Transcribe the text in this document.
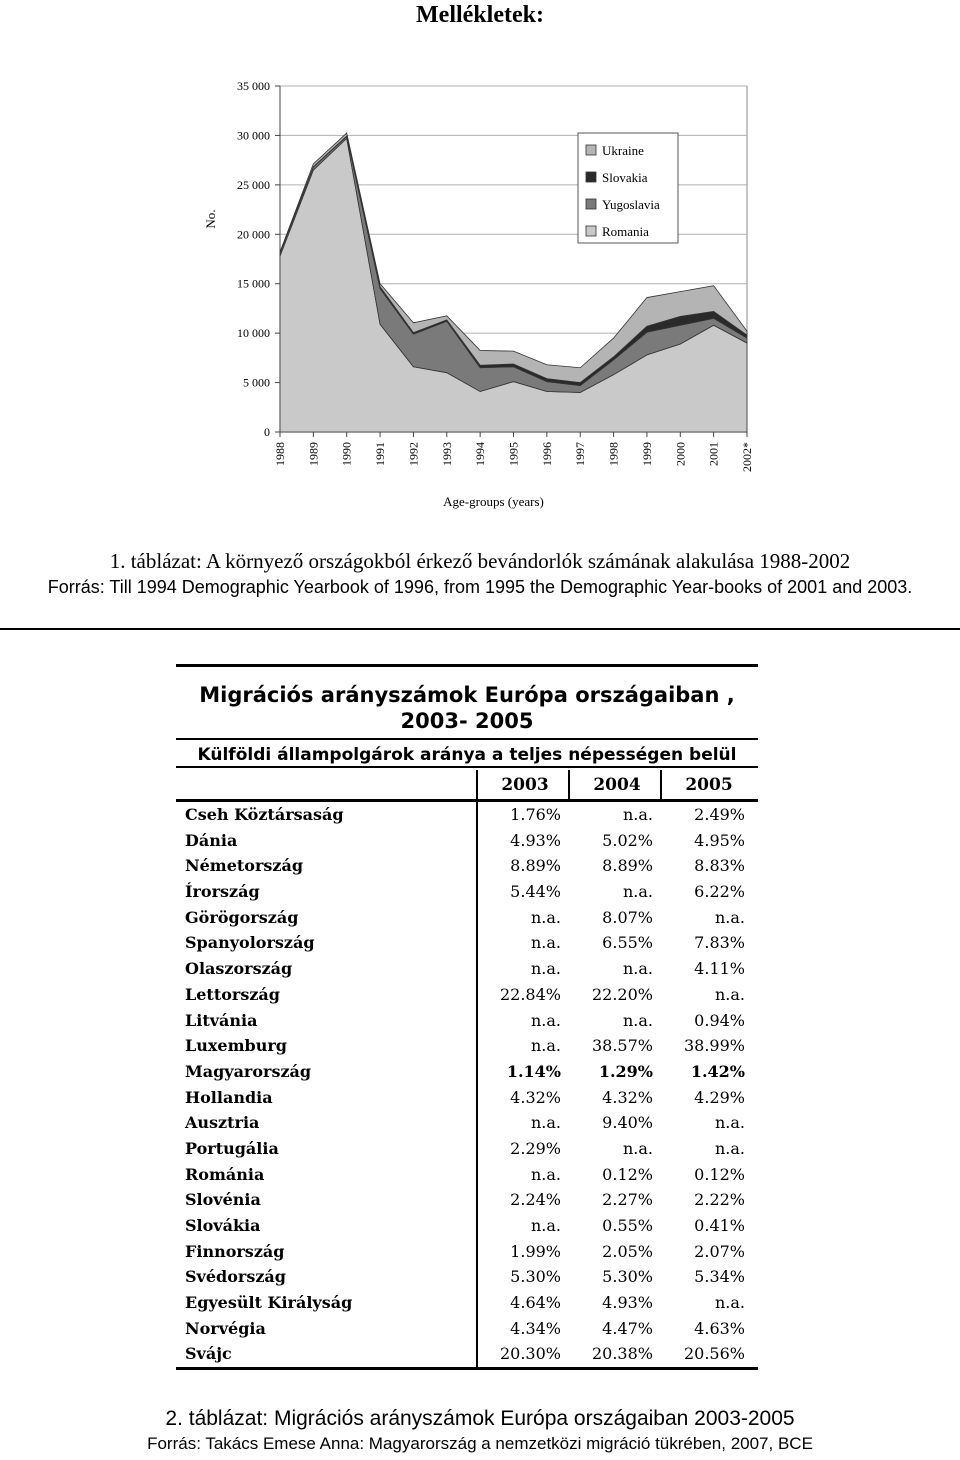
Mellékletek:
0
5 000
10 000
15 000
20 000
25 000
30 000
35 000
1988 1989 1990 1991 1992 1993 1994 1995 1996 1997 1998 1999 2000 2001 2002*
No.
Age-groups (years)
Ukraine
Slovakia
Yugoslavia
Romania
1. táblázat: A környező országokból érkező bevándorlók számának alakulása 1988-2002
Forrás: Till 1994 Demographic Yearbook of 1996, from 1995 the Demographic Year-books of 2001 and 2003.
Migrációs arányszámok Európa országaiban , 2003- 2005
Külföldi állampolgárok aránya a teljes népességen belül
2003	2004	2005
Cseh Köztársaság	1.76%	n.a.	2.49%
Dánia	4.93%	5.02%	4.95%
Németország	8.89%	8.89%	8.83%
Írország	5.44%	n.a.	6.22%
Görögország	n.a.	8.07%	n.a.
Spanyolország	n.a.	6.55%	7.83%
Olaszország	n.a.	n.a.	4.11%
Lettország	22.84%	22.20%	n.a.
Litvánia	n.a.	n.a.	0.94%
Luxemburg	n.a.	38.57%	38.99%
Magyarország	1.14%	1.29%	1.42%
Hollandia	4.32%	4.32%	4.29%
Ausztria	n.a.	9.40%	n.a.
Portugália	2.29%	n.a.	n.a.
Románia	n.a.	0.12%	0.12%
Slovénia	2.24%	2.27%	2.22%
Slovákia	n.a.	0.55%	0.41%
Finnország	1.99%	2.05%	2.07%
Svédország	5.30%	5.30%	5.34%
Egyesült Királyság	4.64%	4.93%	n.a.
Norvégia	4.34%	4.47%	4.63%
Svájc	20.30%	20.38%	20.56%
2. táblázat: Migrációs arányszámok Európa országaiban 2003-2005
Forrás: Takács Emese Anna: Magyarország a nemzetközi migráció tükrében, 2007, BCE
